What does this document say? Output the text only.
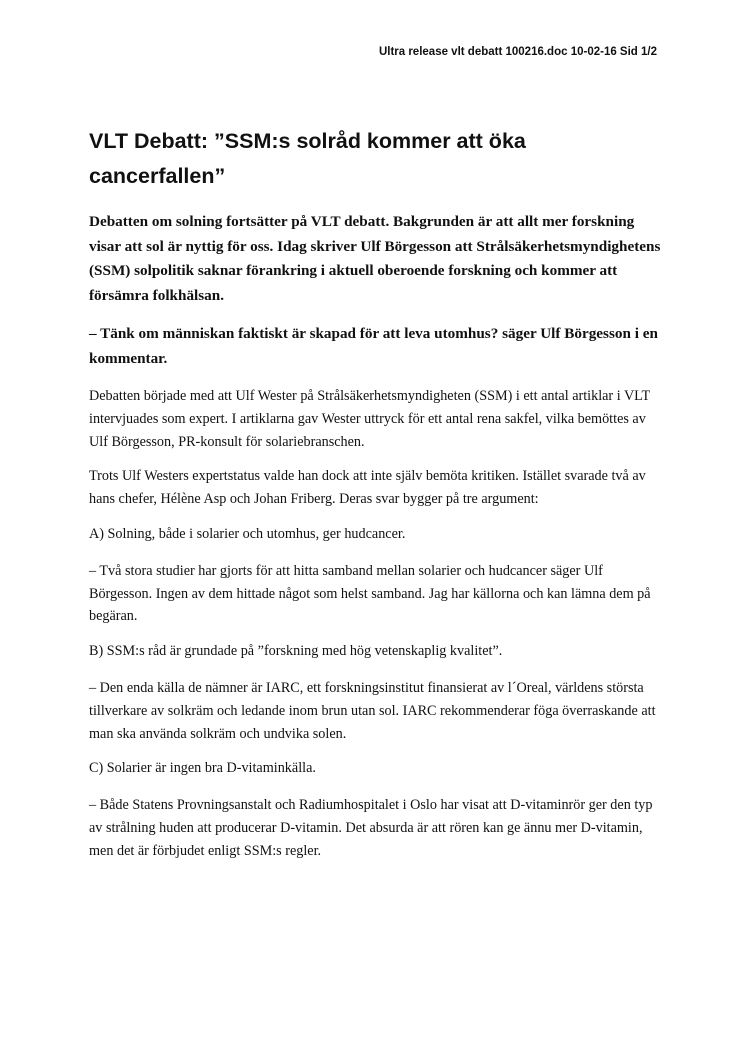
Ultra release vlt debatt 100216.doc 10-02-16 Sid 1/2
VLT Debatt: ”SSM:s solråd kommer att öka cancerfallen”

Debatten om solning fortsätter på VLT debatt. Bakgrunden är att allt mer forskning visar att sol är nyttig för oss. Idag skriver Ulf Börgesson att Strålsäkerhetsmyndighetens (SSM) solpolitik saknar förankring i aktuell oberoende forskning och kommer att försämra folkhälsan.

– Tänk om människan faktiskt är skapad för att leva utomhus? säger Ulf Börgesson i en kommentar.

Debatten började med att Ulf Wester på Strålsäkerhetsmyndigheten (SSM) i ett antal artiklar i VLT intervjuades som expert. I artiklarna gav Wester uttryck för ett antal rena sakfel, vilka bemöttes av Ulf Börgesson, PR-konsult för solariebranschen.

Trots Ulf Westers expertstatus valde han dock att inte själv bemöta kritiken. Istället svarade två av hans chefer, Hélène Asp och Johan Friberg. Deras svar bygger på tre argument:

A) Solning, både i solarier och utomhus, ger hudcancer.

– Två stora studier har gjorts för att hitta samband mellan solarier och hudcancer säger Ulf Börgesson. Ingen av dem hittade något som helst samband. Jag har källorna och kan lämna dem på begäran.

B) SSM:s råd är grundade på ”forskning med hög vetenskaplig kvalitet”.

– Den enda källa de nämner är IARC, ett forskningsinstitut finansierat av l´Oreal, världens största tillverkare av solkräm och ledande inom brun utan sol. IARC rekommenderar föga överraskande att man ska använda solkräm och undvika solen.

C) Solarier är ingen bra D-vitaminkälla.

– Både Statens Provningsanstalt och Radiumhospitalet i Oslo har visat att D-vitaminrör ger den typ av strålning huden att producerar D-vitamin. Det absurda är att rören kan ge ännu mer D-vitamin, men det är förbjudet enligt SSM:s regler.
